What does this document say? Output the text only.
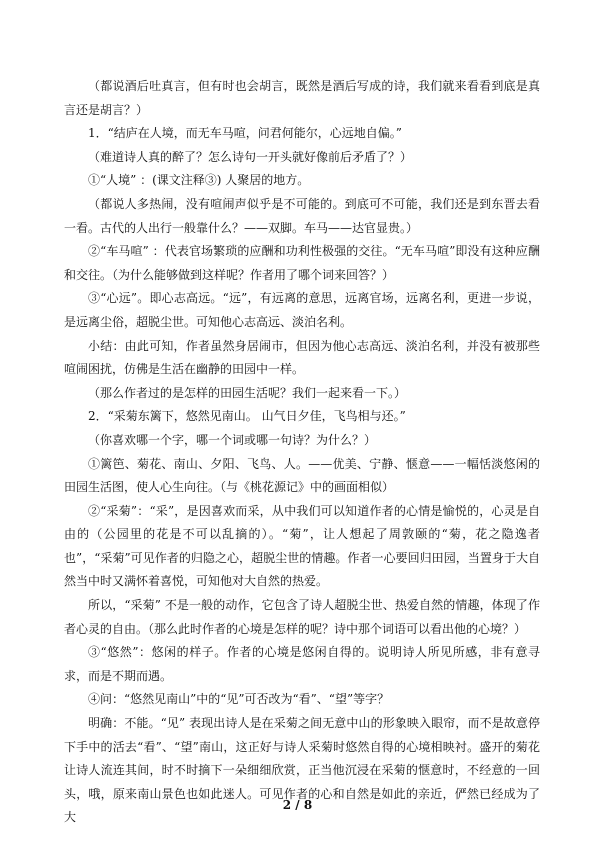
（都说酒后吐真言，但有时也会胡言，既然是酒后写成的诗，我们就来看看到底是真言还是胡言？）

1．“结庐在人境，而无车马喧，问君何能尔，心远地自偏。”

（难道诗人真的醉了？怎么诗句一开头就好像前后矛盾了？）

①“人境” ：(课文注释③) 人聚居的地方。

（都说人多热闹，没有喧闹声似乎是不可能的。到底可不可能，我们还是到东晋去看一看。古代的人出行一般靠什么？——双脚。车马——达官显贵。）

②“车马喧” ：代表官场繁琐的应酬和功利性极强的交往。“无车马喧”即没有这种应酬和交往。（为什么能够做到这样呢？作者用了哪个词来回答？）

③“心远”。即心志高远。“远”，有远离的意思，远离官场，远离名利，更进一步说，是远离尘俗，超脱尘世。可知他心志高远、淡泊名利。

小结：由此可知，作者虽然身居闹市，但因为他心志高远、淡泊名利，并没有被那些喧闹困扰，仿佛是生活在幽静的田园中一样。

（那么作者过的是怎样的田园生活呢？我们一起来看一下。）

2．“采菊东篱下，悠然见南山。 山气日夕佳，飞鸟相与还。”

（你喜欢哪一个字，哪一个词或哪一句诗？为什么？）

①篱笆、菊花、南山、夕阳、飞鸟、人。——优美、宁静、惬意——一幅恬淡悠闲的田园生活图，使人心生向往。（与《桃花源记》中的画面相似）

②“采菊”：“采”，是因喜欢而采，从中我们可以知道作者的心情是愉悦的，心灵是自由的（公园里的花是不可以乱摘的）。“菊”，让人想起了周敦颐的“菊，花之隐逸者也”，“采菊”可见作者的归隐之心，超脱尘世的情趣。作者一心要回归田园，当置身于大自然当中时又满怀着喜悦，可知他对大自然的热爱。

所以，“采菊” 不是一般的动作，它包含了诗人超脱尘世、热爱自然的情趣，体现了作者心灵的自由。（那么此时作者的心境是怎样的呢？诗中那个词语可以看出他的心境？）

③“悠然”：悠闲的样子。作者的心境是悠闲自得的。说明诗人所见所感，非有意寻求，而是不期而遇。

④问：“悠然见南山”中的“见”可否改为“看”、“望”等字？

明确：不能。“见” 表现出诗人是在采菊之间无意中山的形象映入眼帘，而不是故意停下手中的活去“看”、“望”南山，这正好与诗人采菊时悠然自得的心境相映衬。盛开的菊花让诗人流连其间，时不时摘下一朵细细欣赏，正当他沉浸在采菊的惬意时，不经意的一回头，哦，原来南山景色也如此迷人。可见作者的心和自然是如此的亲近，俨然已经成为了大

2 / 8
